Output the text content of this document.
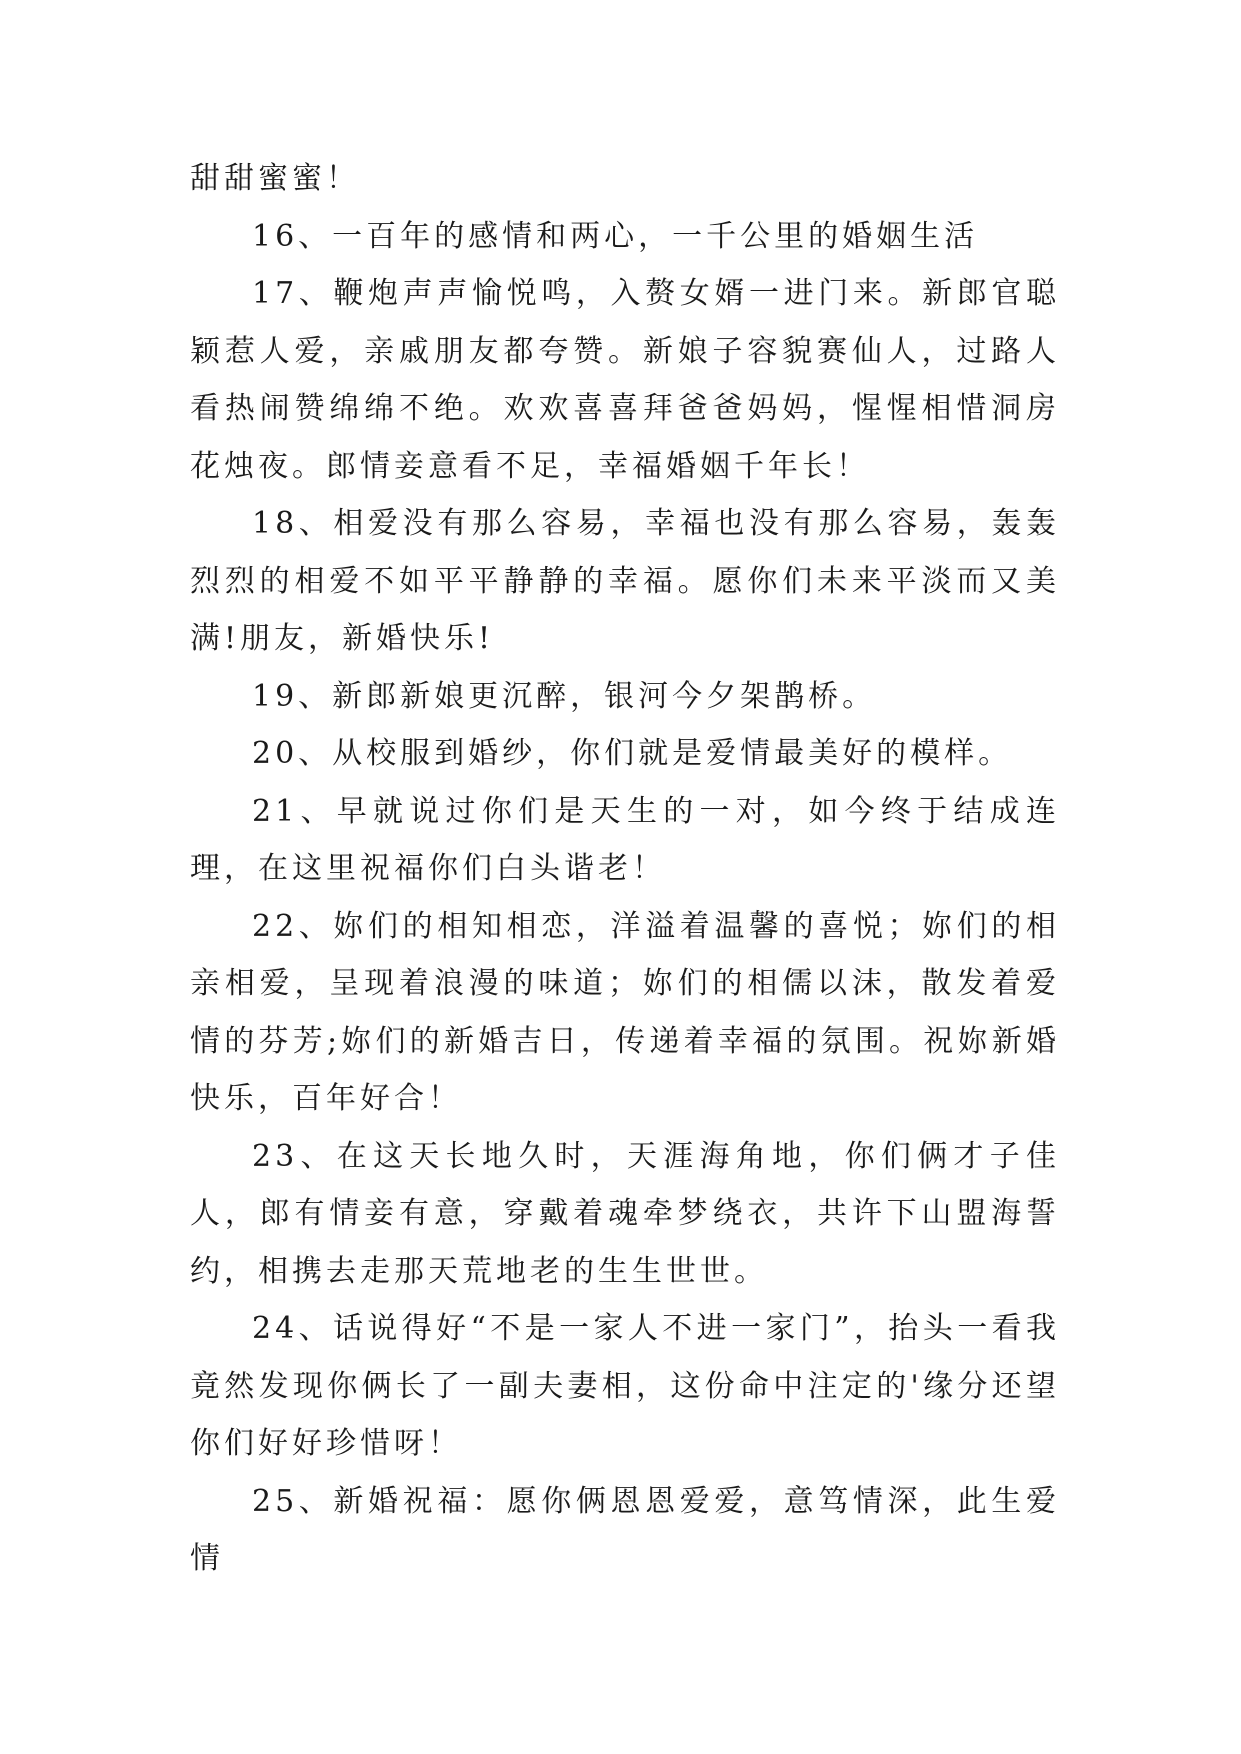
甜甜蜜蜜！

16、一百年的感情和两心，一千公里的婚姻生活

17、鞭炮声声愉悦鸣，入赘女婿一进门来。新郎官聪颖惹人爱，亲戚朋友都夸赞。新娘子容貌赛仙人，过路人看热闹赞绵绵不绝。欢欢喜喜拜爸爸妈妈，惺惺相惜洞房花烛夜。郎情妾意看不足，幸福婚姻千年长！

18、相爱没有那么容易，幸福也没有那么容易，轰轰烈烈的相爱不如平平静静的幸福。愿你们未来平淡而又美满!朋友，新婚快乐!

19、新郎新娘更沉醉，银河今夕架鹊桥。

20、从校服到婚纱，你们就是爱情最美好的模样。

21、早就说过你们是天生的一对，如今终于结成连理，在这里祝福你们白头谐老！

22、妳们的相知相恋，洋溢着温馨的喜悦；妳们的相亲相爱，呈现着浪漫的味道；妳们的相儒以沫，散发着爱情的芬芳;妳们的新婚吉日，传递着幸福的氛围。祝妳新婚快乐，百年好合！

23、在这天长地久时，天涯海角地，你们俩才子佳人，郎有情妾有意，穿戴着魂牵梦绕衣，共许下山盟海誓约，相携去走那天荒地老的生生世世。

24、话说得好“不是一家人不进一家门”，抬头一看我竟然发现你俩长了一副夫妻相，这份命中注定的'缘分还望你们好好珍惜呀！

25、新婚祝福：愿你俩恩恩爱爱，意笃情深，此生爱情
